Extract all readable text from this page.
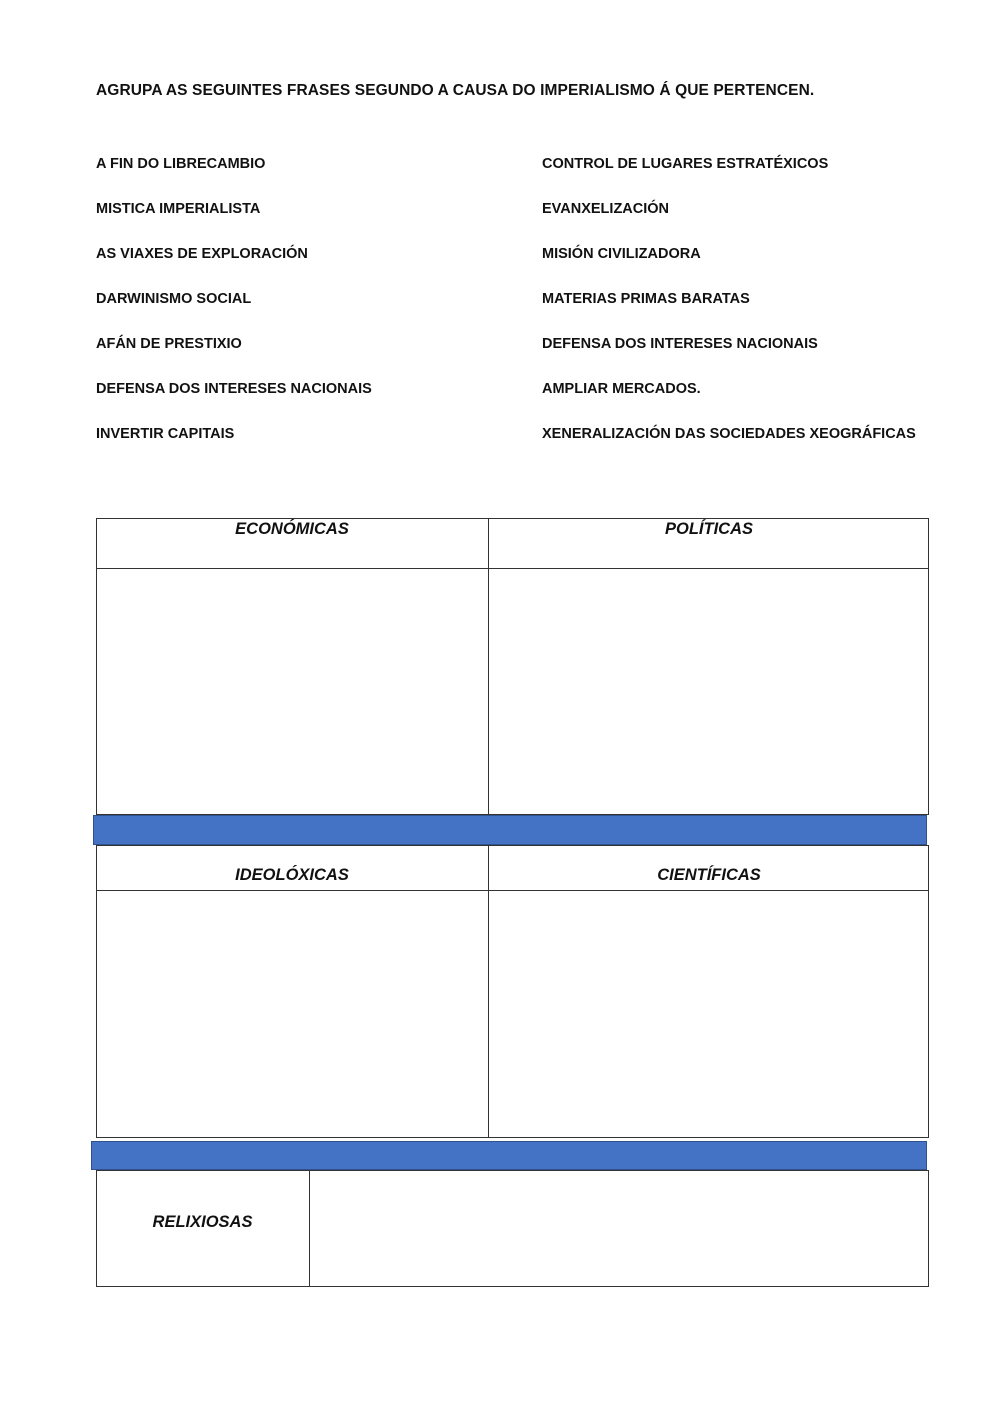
AGRUPA AS SEGUINTES FRASES SEGUNDO A CAUSA DO IMPERIALISMO Á QUE PERTENCEN.
A FIN DO LIBRECAMBIO
MISTICA IMPERIALISTA
AS VIAXES DE EXPLORACIÓN
DARWINISMO SOCIAL
AFÁN DE PRESTIXIO
DEFENSA DOS INTERESES NACIONAIS
INVERTIR CAPITAIS
CONTROL DE LUGARES ESTRATÉXICOS
EVANXELIZACIÓN
MISIÓN CIVILIZADORA
MATERIAS PRIMAS BARATAS
DEFENSA DOS INTERESES NACIONAIS
AMPLIAR MERCADOS.
XENERALIZACIÓN DAS SOCIEDADES XEOGRÁFICAS
ECONÓMICAS	POLÍTICAS
IDEOLÓXICAS	CIENTÍFICAS
RELIXIOSAS
